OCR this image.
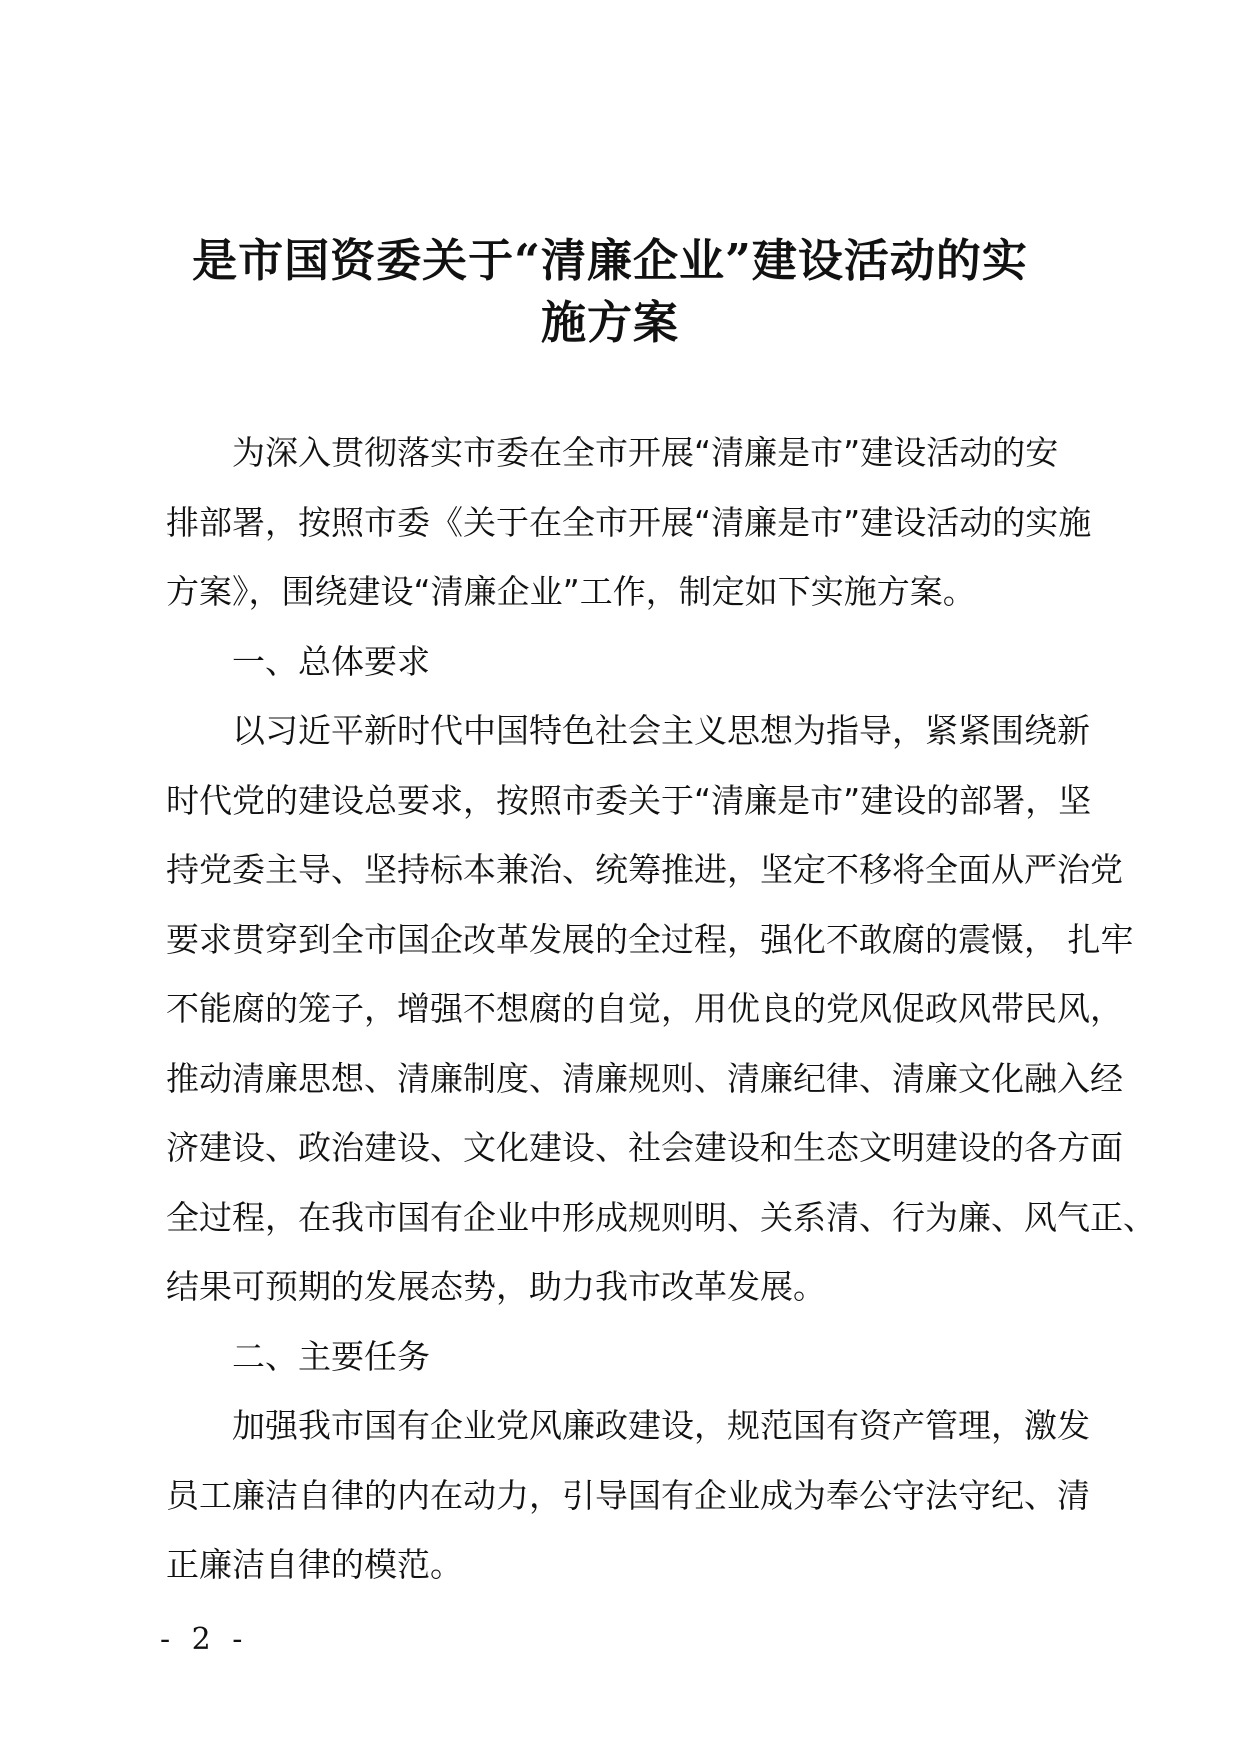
是市国资委关于“清廉企业”建设活动的实
施方案
为深入贯彻落实市委在全市开展“清廉是市”建设活动的安
排部署，按照市委《关于在全市开展“清廉是市”建设活动的实施
方案》，围绕建设“清廉企业”工作，制定如下实施方案。
一、总体要求
以习近平新时代中国特色社会主义思想为指导，紧紧围绕新
时代党的建设总要求，按照市委关于“清廉是市”建设的部署，坚
持党委主导、坚持标本兼治、统筹推进，坚定不移将全面从严治党
要求贯穿到全市国企改革发展的全过程，强化不敢腐的震慑， 扎牢
不能腐的笼子，增强不想腐的自觉，用优良的党风促政风带民风，
推动清廉思想、清廉制度、清廉规则、清廉纪律、清廉文化融入经
济建设、政治建设、文化建设、社会建设和生态文明建设的各方面
全过程，在我市国有企业中形成规则明、关系清、行为廉、风气正、
结果可预期的发展态势，助力我市改革发展。
二、主要任务
加强我市国有企业党风廉政建设，规范国有资产管理，激发
员工廉洁自律的内在动力，引导国有企业成为奉公守法守纪、清
正廉洁自律的模范。
- 2 -
